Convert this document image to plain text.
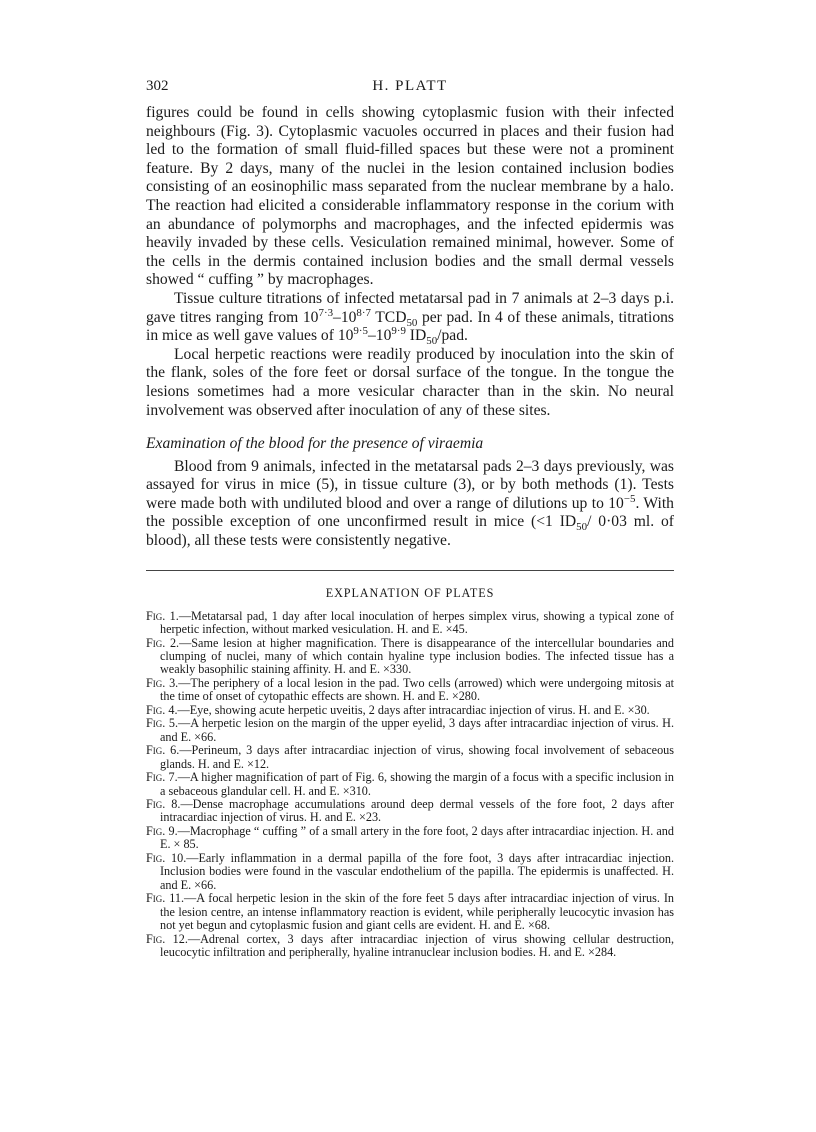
302	H. PLATT

figures could be found in cells showing cytoplasmic fusion with their infected neighbours (Fig. 3). Cytoplasmic vacuoles occurred in places and their fusion had led to the formation of small fluid-filled spaces but these were not a prominent feature. By 2 days, many of the nuclei in the lesion contained inclusion bodies consisting of an eosinophilic mass separated from the nuclear membrane by a halo. The reaction had elicited a considerable inflammatory response in the corium with an abundance of polymorphs and macrophages, and the infected epidermis was heavily invaded by these cells. Vesiculation remained minimal, however. Some of the cells in the dermis contained inclusion bodies and the small dermal vessels showed “ cuffing ” by macrophages.

Tissue culture titrations of infected metatarsal pad in 7 animals at 2–3 days p.i. gave titres ranging from $10^{7\cdot 3}-10^{8\cdot 7}$ $TCD_{50}$ per pad. In 4 of these animals, titrations in mice as well gave values of $10^{9\cdot 5}-10^{9\cdot 9}$ $ID_{50}$/pad.

Local herpetic reactions were readily produced by inoculation into the skin of the flank, soles of the fore feet or dorsal surface of the tongue. In the tongue the lesions sometimes had a more vesicular character than in the skin. No neural involvement was observed after inoculation of any of these sites.

Examination of the blood for the presence of viraemia

Blood from 9 animals, infected in the metatarsal pads 2–3 days previously, was assayed for virus in mice (5), in tissue culture (3), or by both methods (1). Tests were made both with undiluted blood and over a range of dilutions up to $10^{-5}$. With the possible exception of one unconfirmed result in mice (<1 $ID_{50}/$ 0·03 ml. of blood), all these tests were consistently negative.

EXPLANATION OF PLATES

Fig. 1.—Metatarsal pad, 1 day after local inoculation of herpes simplex virus, showing a typical zone of herpetic infection, without marked vesiculation. H. and E. ×45.

Fig. 2.—Same lesion at higher magnification. There is disappearance of the intercellular boundaries and clumping of nuclei, many of which contain hyaline type inclusion bodies. The infected tissue has a weakly basophilic staining affinity. H. and E. ×330.

Fig. 3.—The periphery of a local lesion in the pad. Two cells (arrowed) which were undergoing mitosis at the time of onset of cytopathic effects are shown. H. and E. ×280.

Fig. 4.—Eye, showing acute herpetic uveitis, 2 days after intracardiac injection of virus. H. and E. ×30.

Fig. 5.—A herpetic lesion on the margin of the upper eyelid, 3 days after intracardiac injection of virus. H. and E. ×66.

Fig. 6.—Perineum, 3 days after intracardiac injection of virus, showing focal involvement of sebaceous glands. H. and E. ×12.

Fig. 7.—A higher magnification of part of Fig. 6, showing the margin of a focus with a specific inclusion in a sebaceous glandular cell. H. and E. ×310.

Fig. 8.—Dense macrophage accumulations around deep dermal vessels of the fore foot, 2 days after intracardiac injection of virus. H. and E. ×23.

Fig. 9.—Macrophage “ cuffing ” of a small artery in the fore foot, 2 days after intracardiac injection. H. and E. × 85.

Fig. 10.—Early inflammation in a dermal papilla of the fore foot, 3 days after intracardiac injection. Inclusion bodies were found in the vascular endothelium of the papilla. The epidermis is unaffected. H. and E. ×66.

Fig. 11.—A focal herpetic lesion in the skin of the fore feet 5 days after intracardiac injection of virus. In the lesion centre, an intense inflammatory reaction is evident, while peripherally leucocytic invasion has not yet begun and cytoplasmic fusion and giant cells are evident. H. and E. ×68.

Fig. 12.—Adrenal cortex, 3 days after intracardiac injection of virus showing cellular destruction, leucocytic infiltration and peripherally, hyaline intranuclear inclusion bodies. H. and E. ×284.
